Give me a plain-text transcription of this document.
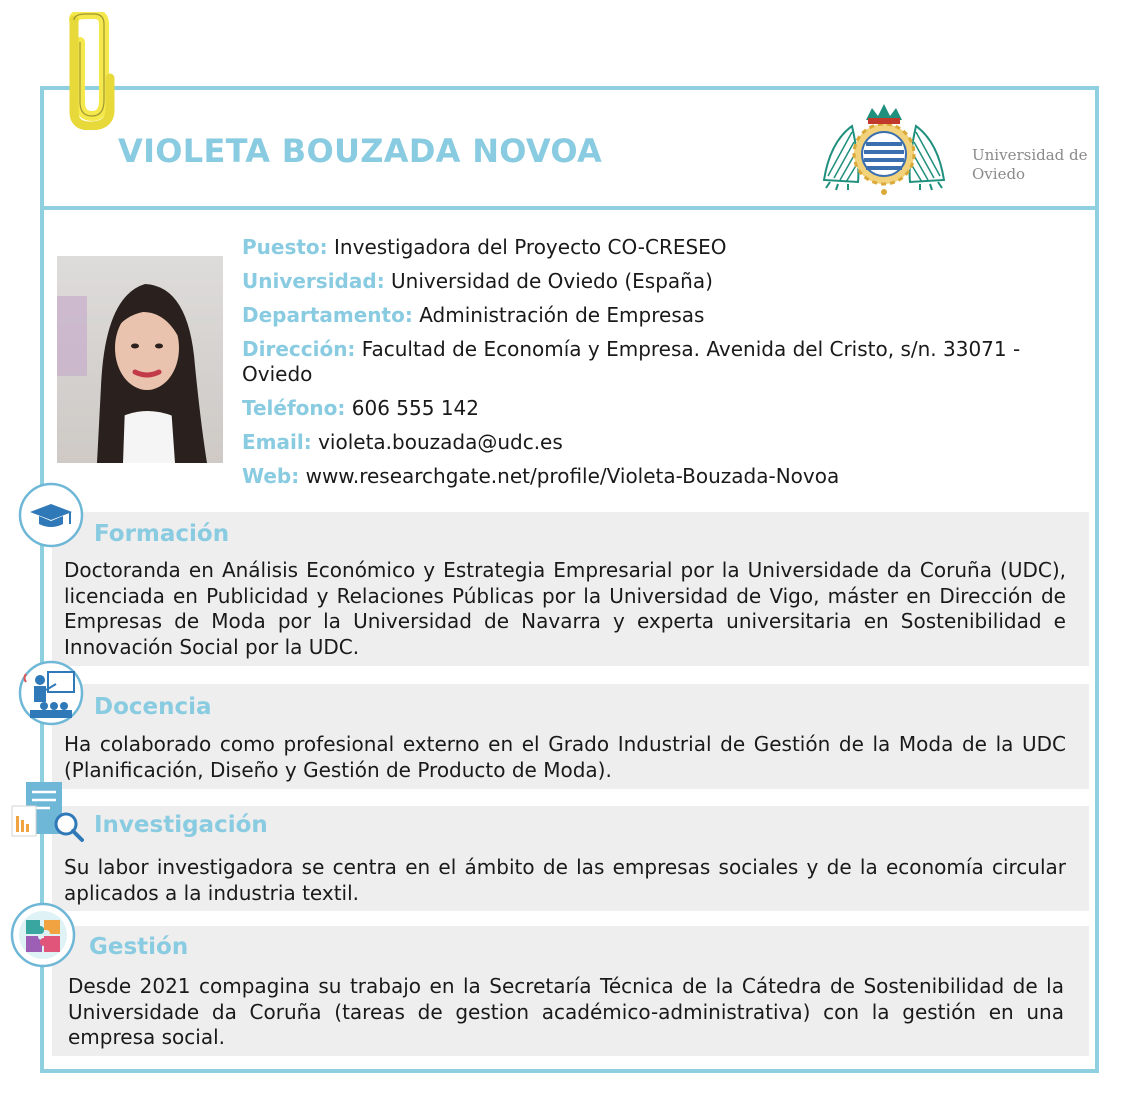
VIOLETA BOUZADA NOVOA	Universidad de Oviedo
Puesto: Investigadora del Proyecto CO-CRESEO
Universidad: Universidad de Oviedo (España)
Departamento: Administración de Empresas
Dirección: Facultad de Economía y Empresa. Avenida del Cristo, s/n. 33071 - Oviedo
Teléfono: 606 555 142
Email: violeta.bouzada@udc.es
Web: www.researchgate.net/profile/Violeta-Bouzada-Novoa
Formación
Doctoranda en Análisis Económico y Estrategia Empresarial por la Universidade da Coruña (UDC), licenciada en Publicidad y Relaciones Públicas por la Universidad de Vigo, máster en Dirección de Empresas de Moda por la Universidad de Navarra y experta universitaria en Sostenibilidad e Innovación Social por la UDC.
Docencia
Ha colaborado como profesional externo en el Grado Industrial de Gestión de la Moda de la UDC (Planificación, Diseño y Gestión de Producto de Moda).
Investigación
Su labor investigadora se centra en el ámbito de las empresas sociales y de la economía circular aplicados a la industria textil.
Gestión
Desde 2021 compagina su trabajo en la Secretaría Técnica de la Cátedra de Sostenibilidad de la Universidade da Coruña (tareas de gestion académico-administrativa) con la gestión en una empresa social.
